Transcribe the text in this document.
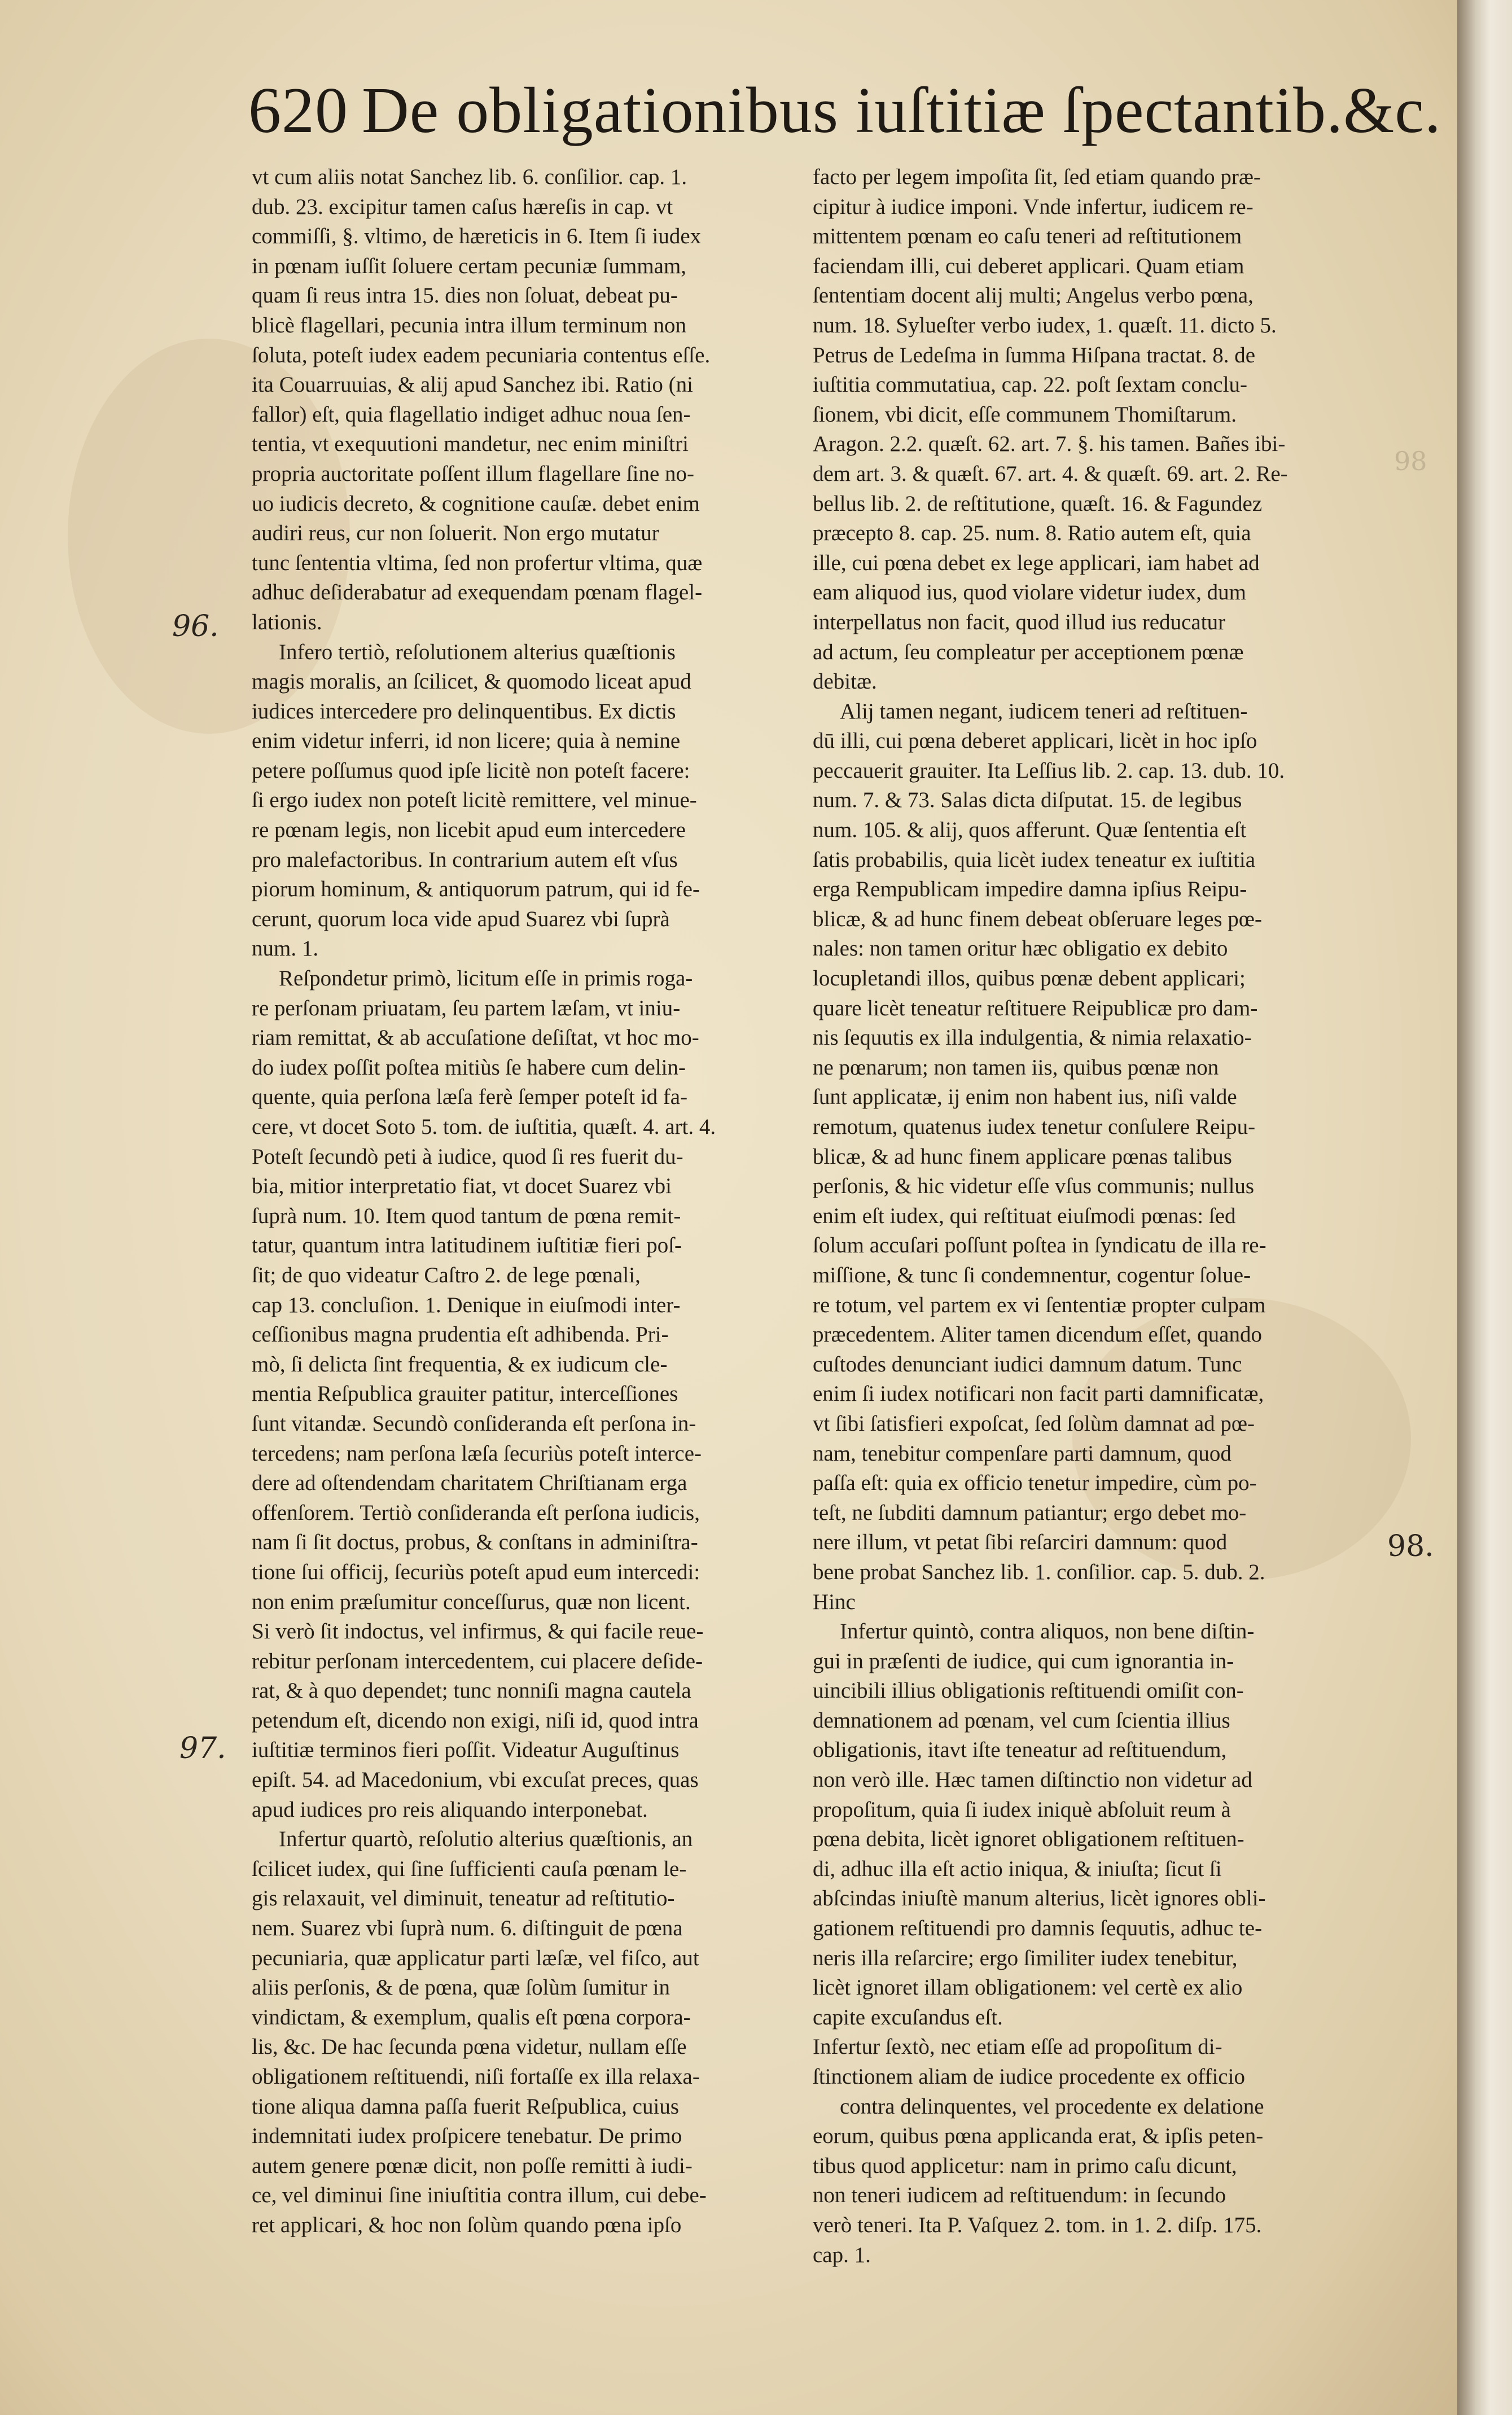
620 De obligationibus iuſtitiæ ſpectantib.&c.
96.
97.
98.
98
vt cum aliis notat Sanchez lib. 6. conſilior. cap. 1.
dub. 23. excipitur tamen caſus hæreſis in cap. vt
commiſſi, §. vltimo, de hæreticis in 6. Item ſi iudex
in pœnam iuſſit ſoluere certam pecuniæ ſummam,
quam ſi reus intra 15. dies non ſoluat, debeat pu-
blicè flagellari, pecunia intra illum terminum non
ſoluta, poteſt iudex eadem pecuniaria contentus eſſe.
ita Couarruuias, & alij apud Sanchez ibi. Ratio (ni
fallor) eſt, quia flagellatio indiget adhuc noua ſen-
tentia, vt exequutioni mandetur, nec enim miniſtri
propria auctoritate poſſent illum flagellare ſine no-
uo iudicis decreto, & cognitione cauſæ. debet enim
audiri reus, cur non ſoluerit. Non ergo mutatur
tunc ſententia vltima, ſed non profertur vltima, quæ
adhuc deſiderabatur ad exequendam pœnam flagel-
lationis.
Infero tertiò, reſolutionem alterius quæſtionis
magis moralis, an ſcilicet, & quomodo liceat apud
iudices intercedere pro delinquentibus. Ex dictis
enim videtur inferri, id non licere; quia à nemine
petere poſſumus quod ipſe licitè non poteſt facere:
ſi ergo iudex non poteſt licitè remittere, vel minue-
re pœnam legis, non licebit apud eum intercedere
pro malefactoribus. In contrarium autem eſt vſus
piorum hominum, & antiquorum patrum, qui id fe-
cerunt, quorum loca vide apud Suarez vbi ſuprà
num. 1.
Reſpondetur primò, licitum eſſe in primis roga-
re perſonam priuatam, ſeu partem læſam, vt iniu-
riam remittat, & ab accuſatione deſiſtat, vt hoc mo-
do iudex poſſit poſtea mitiùs ſe habere cum delin-
quente, quia perſona læſa ferè ſemper poteſt id fa-
cere, vt docet Soto 5. tom. de iuſtitia, quæſt. 4. art. 4.
Poteſt ſecundò peti à iudice, quod ſi res fuerit du-
bia, mitior interpretatio fiat, vt docet Suarez vbi
ſuprà num. 10. Item quod tantum de pœna remit-
tatur, quantum intra latitudinem iuſtitiæ fieri poſ-
ſit; de quo videatur Caſtro 2. de lege pœnali,
cap 13. concluſion. 1. Denique in eiuſmodi inter-
ceſſionibus magna prudentia eſt adhibenda. Pri-
mò, ſi delicta ſint frequentia, & ex iudicum cle-
mentia Reſpublica grauiter patitur, interceſſiones
ſunt vitandæ. Secundò conſideranda eſt perſona in-
tercedens; nam perſona læſa ſecuriùs poteſt interce-
dere ad oſtendendam charitatem Chriſtianam erga
offenſorem. Tertiò conſideranda eſt perſona iudicis,
nam ſi ſit doctus, probus, & conſtans in adminiſtra-
tione ſui officij, ſecuriùs poteſt apud eum intercedi:
non enim præſumitur conceſſurus, quæ non licent.
Si verò ſit indoctus, vel infirmus, & qui facile reue-
rebitur perſonam intercedentem, cui placere deſide-
rat, & à quo dependet; tunc nonniſi magna cautela
petendum eſt, dicendo non exigi, niſi id, quod intra
iuſtitiæ terminos fieri poſſit. Videatur Auguſtinus
epiſt. 54. ad Macedonium, vbi excuſat preces, quas
apud iudices pro reis aliquando interponebat.
Infertur quartò, reſolutio alterius quæſtionis, an
ſcilicet iudex, qui ſine ſufficienti cauſa pœnam le-
gis relaxauit, vel diminuit, teneatur ad reſtitutio-
nem. Suarez vbi ſuprà num. 6. diſtinguit de pœna
pecuniaria, quæ applicatur parti læſæ, vel fiſco, aut
aliis perſonis, & de pœna, quæ ſolùm ſumitur in
vindictam, & exemplum, qualis eſt pœna corpora-
lis, &c. De hac ſecunda pœna videtur, nullam eſſe
obligationem reſtituendi, niſi fortaſſe ex illa relaxa-
tione aliqua damna paſſa fuerit Reſpublica, cuius
indemnitati iudex proſpicere tenebatur. De primo
autem genere pœnæ dicit, non poſſe remitti à iudi-
ce, vel diminui ſine iniuſtitia contra illum, cui debe-
ret applicari, & hoc non ſolùm quando pœna ipſo
facto per legem impoſita ſit, ſed etiam quando præ-
cipitur à iudice imponi. Vnde infertur, iudicem re-
mittentem pœnam eo caſu teneri ad reſtitutionem
faciendam illi, cui deberet applicari. Quam etiam
ſententiam docent alij multi; Angelus verbo pœna,
num. 18. Sylueſter verbo iudex, 1. quæſt. 11. dicto 5.
Petrus de Ledeſma in ſumma Hiſpana tractat. 8. de
iuſtitia commutatiua, cap. 22. poſt ſextam conclu-
ſionem, vbi dicit, eſſe communem Thomiſtarum.
Aragon. 2.2. quæſt. 62. art. 7. §. his tamen. Bañes ibi-
dem art. 3. & quæſt. 67. art. 4. & quæſt. 69. art. 2. Re-
bellus lib. 2. de reſtitutione, quæſt. 16. & Fagundez
præcepto 8. cap. 25. num. 8. Ratio autem eſt, quia
ille, cui pœna debet ex lege applicari, iam habet ad
eam aliquod ius, quod violare videtur iudex, dum
interpellatus non facit, quod illud ius reducatur
ad actum, ſeu compleatur per acceptionem pœnæ
debitæ.
Alij tamen negant, iudicem teneri ad reſtituen-
dū illi, cui pœna deberet applicari, licèt in hoc ipſo
peccauerit grauiter. Ita Leſſius lib. 2. cap. 13. dub. 10.
num. 7. & 73. Salas dicta diſputat. 15. de legibus
num. 105. & alij, quos afferunt. Quæ ſententia eſt
ſatis probabilis, quia licèt iudex teneatur ex iuſtitia
erga Rempublicam impedire damna ipſius Reipu-
blicæ, & ad hunc finem debeat obſeruare leges pœ-
nales: non tamen oritur hæc obligatio ex debito
locupletandi illos, quibus pœnæ debent applicari;
quare licèt teneatur reſtituere Reipublicæ pro dam-
nis ſequutis ex illa indulgentia, & nimia relaxatio-
ne pœnarum; non tamen iis, quibus pœnæ non
ſunt applicatæ, ij enim non habent ius, niſi valde
remotum, quatenus iudex tenetur conſulere Reipu-
blicæ, & ad hunc finem applicare pœnas talibus
perſonis, & hic videtur eſſe vſus communis; nullus
enim eſt iudex, qui reſtituat eiuſmodi pœnas: ſed
ſolum accuſari poſſunt poſtea in ſyndicatu de illa re-
miſſione, & tunc ſi condemnentur, cogentur ſolue-
re totum, vel partem ex vi ſententiæ propter culpam
præcedentem. Aliter tamen dicendum eſſet, quando
cuſtodes denunciant iudici damnum datum. Tunc
enim ſi iudex notificari non facit parti damnificatæ,
vt ſibi ſatisfieri expoſcat, ſed ſolùm damnat ad pœ-
nam, tenebitur compenſare parti damnum, quod
paſſa eſt: quia ex officio tenetur impedire, cùm po-
teſt, ne ſubditi damnum patiantur; ergo debet mo-
nere illum, vt petat ſibi reſarciri damnum: quod
bene probat Sanchez lib. 1. conſilior. cap. 5. dub. 2.
Hinc
Infertur quintò, contra aliquos, non bene diſtin-
gui in præſenti de iudice, qui cum ignorantia in-
uincibili illius obligationis reſtituendi omiſit con-
demnationem ad pœnam, vel cum ſcientia illius
obligationis, itavt iſte teneatur ad reſtituendum,
non verò ille. Hæc tamen diſtinctio non videtur ad
propoſitum, quia ſi iudex iniquè abſoluit reum à
pœna debita, licèt ignoret obligationem reſtituen-
di, adhuc illa eſt actio iniqua, & iniuſta; ſicut ſi
abſcindas iniuſtè manum alterius, licèt ignores obli-
gationem reſtituendi pro damnis ſequutis, adhuc te-
neris illa reſarcire; ergo ſimiliter iudex tenebitur,
licèt ignoret illam obligationem: vel certè ex alio
capite excuſandus eſt.
Infertur ſextò, nec etiam eſſe ad propoſitum di-
ſtinctionem aliam de iudice procedente ex officio
contra delinquentes, vel procedente ex delatione
eorum, quibus pœna applicanda erat, & ipſis peten-
tibus quod applicetur: nam in primo caſu dicunt,
non teneri iudicem ad reſtituendum: in ſecundo
verò teneri. Ita P. Vaſquez 2. tom. in 1. 2. diſp. 175.
cap. 1.
